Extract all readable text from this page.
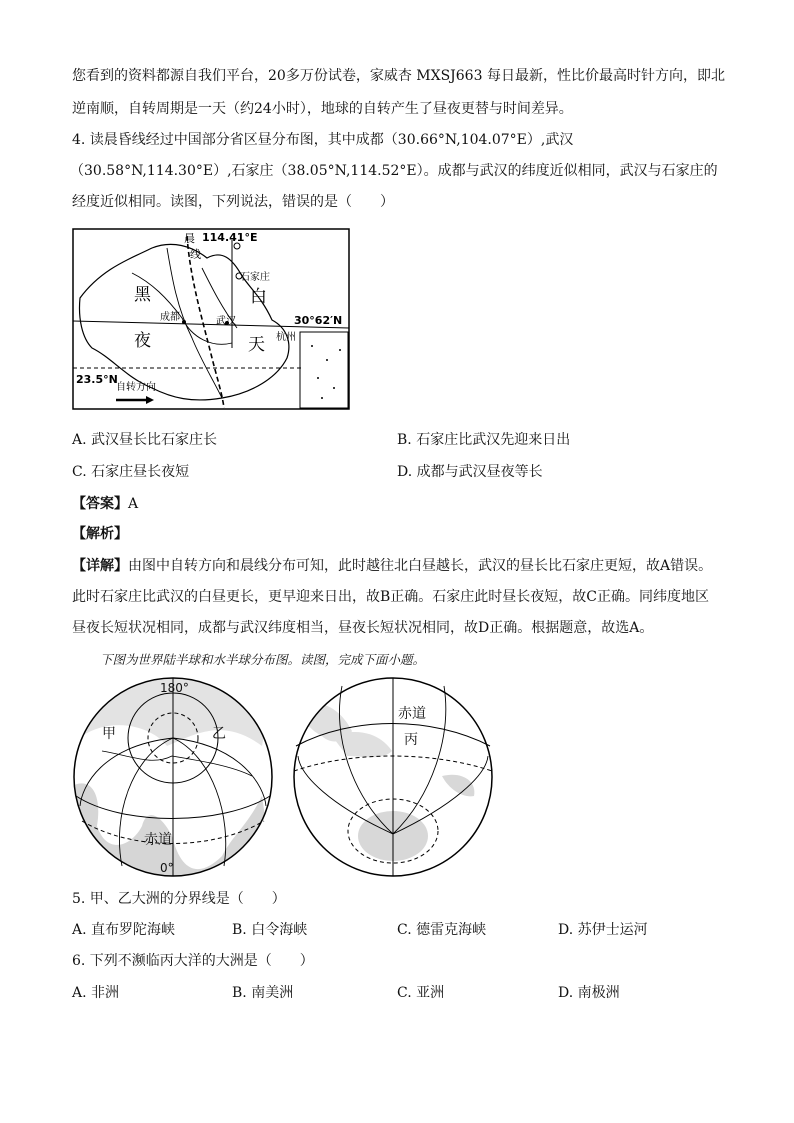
您看到的资料都源自我们平台，20多万份试卷，家威杏 MXSJ663 每日最新，性比价最高时针方向，即北
逆南顺，自转周期是一天（约24小时），地球的自转产生了昼夜更替与时间差异。
4. 读晨昏线经过中国部分省区昼分布图，其中成都（30.66°N,104.07°E）,武汉
（30.58°N,114.30°E）,石家庄（38.05°N,114.52°E）。成都与武汉的纬度近似相同，武汉与石家庄的
经度近似相同。读图，下列说法，错误的是（　　）
晨
线
114.41°E
石家庄
白
黑
成都	武汉	30°62′N
夜	天 杭州
23.5°N
自转方向
A. 武汉昼长比石家庄长	B. 石家庄比武汉先迎来日出
C. 石家庄昼长夜短	D. 成都与武汉昼夜等长
【答案】A
【解析】
【详解】由图中自转方向和晨线分布可知，此时越往北白昼越长，武汉的昼长比石家庄更短，故A错误。
此时石家庄比武汉的白昼更长，更早迎来日出，故B正确。石家庄此时昼长夜短，故C正确。同纬度地区
昼夜长短状况相同，成都与武汉纬度相当，昼夜长短状况相同，故D正确。根据题意，故选A。
下图为世界陆半球和水半球分布图。读图，完成下面小题。
180°
甲	乙
赤道
0°
赤道
丙
5. 甲、乙大洲的分界线是（　　）
A. 直布罗陀海峡	B. 白令海峡	C. 德雷克海峡	D. 苏伊士运河
6. 下列不濒临丙大洋的大洲是（　　）
A. 非洲	B. 南美洲	C. 亚洲	D. 南极洲
